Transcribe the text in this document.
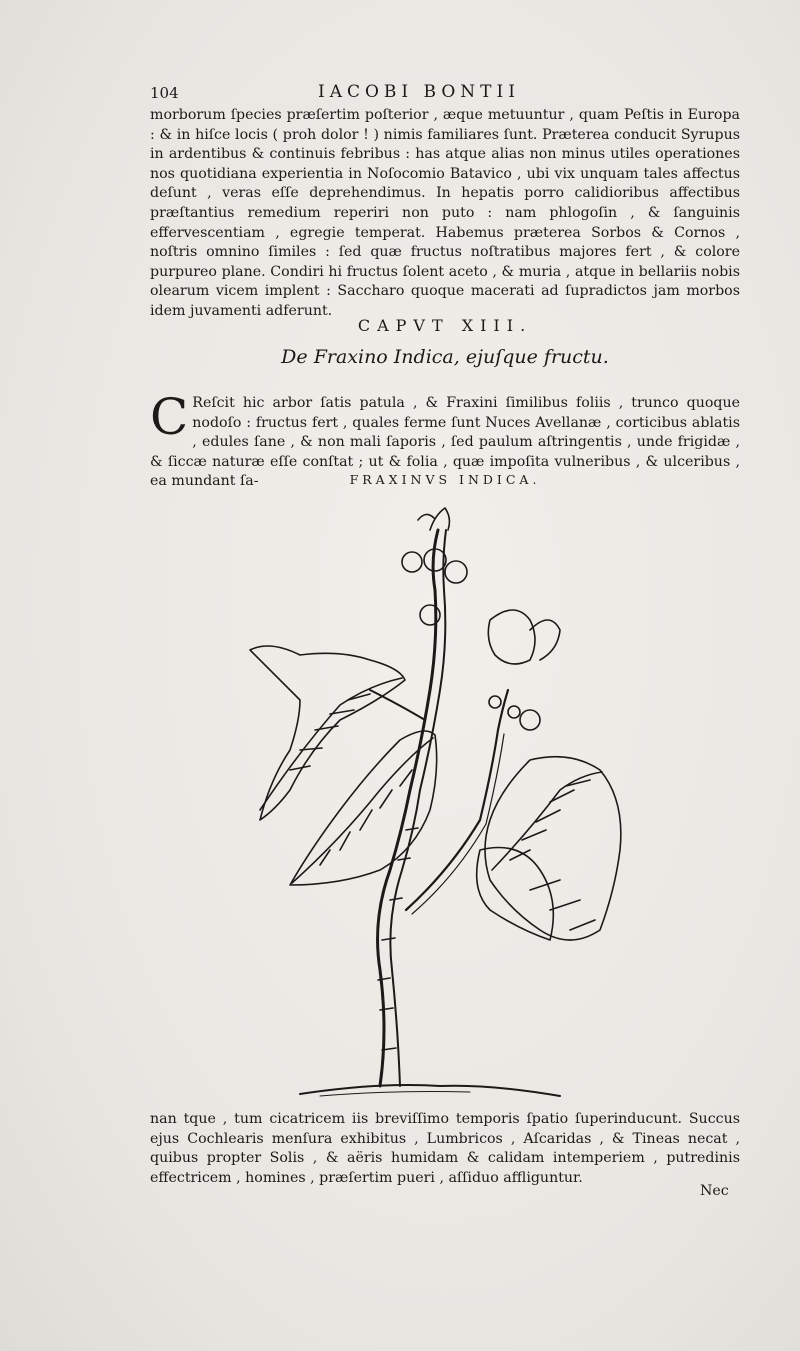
104	IACOBI BONTII

morborum ſpecies præſertim poſterior , æque metuuntur , quam Peſtis in Europa : & in hiſce locis ( proh dolor ! ) nimis familiares ſunt. Præterea conducit Syrupus in ardentibus & continuis febribus : has atque alias non minus utiles operationes nos quotidiana experientia in Noſocomio Batavico , ubi vix unquam tales affectus deſunt , veras eſſe deprehendimus. In hepatis porro calidioribus affectibus præſtantius remedium reperiri non puto : nam phlogoſin , & ſanguinis effervescentiam , egregie temperat. Habemus præterea Sorbos & Cornos , noſtris omnino ſimiles : ſed quæ fructus noſtratibus majores fert , & colore purpureo plane. Condiri hi fructus ſolent aceto , & muria , atque in bellariis nobis olearum vicem implent : Saccharo quoque macerati ad ſupradictos jam morbos idem juvamenti adferunt.

CAPVT XIII.
De Fraxino Indica, ejuſque fructu.
C Reſcit hic arbor ſatis patula , & Fraxini ſimilibus foliis , trunco quoque nodoſo : fructus fert , quales ferme ſunt Nuces Avellanæ , corticibus ablatis , edules ſane , & non mali ſaporis , ſed paulum aſtringentis , unde frigidæ , & ſiccæ naturæ eſſe conſtat ; ut & folia , quæ impoſita vulneribus , & ulceribus , ea mundant ſa-	FRAXINVS INDICA.

nan tque , tum cicatricem iis breviſſimo temporis ſpatio ſuperinducunt. Succus ejus Cochlearis menſura exhibitus , Lumbricos , Aſcaridas , & Tineas necat , quibus propter Solis , & aëris humidam & calidam intemperiem , putredinis effectricem , homines , præſertim pueri , aſſiduo affliguntur.

Nec
